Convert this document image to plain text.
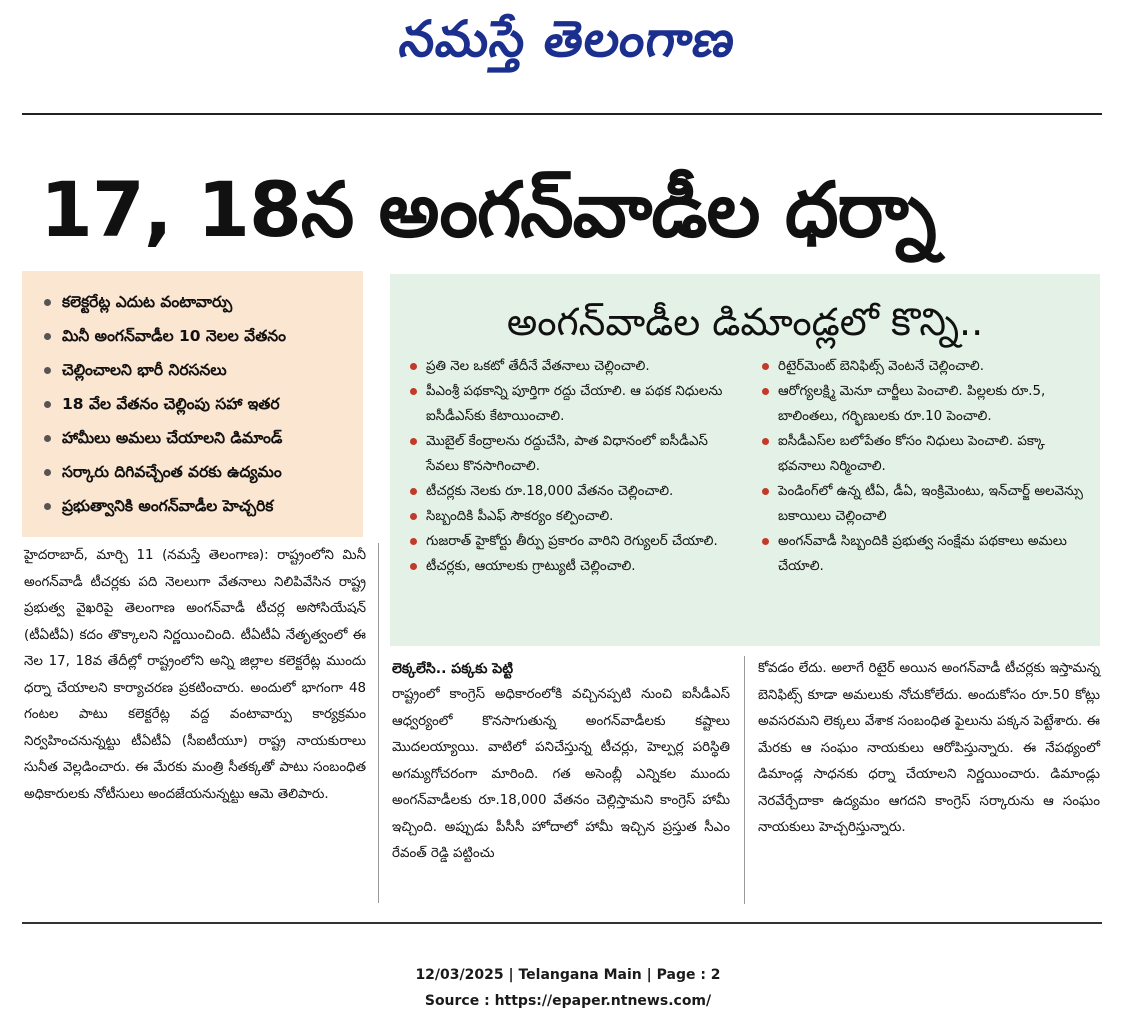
నమస్తే తెలంగాణ
17, 18న అంగన్‌వాడీల ధర్నా
కలెక్టరేట్ల ఎదుట వంటావార్పు
మినీ అంగన్‌వాడీల 10 నెలల వేతనం
చెల్లించాలని భారీ నిరసనలు
18 వేల వేతనం చెల్లింపు సహా ఇతర
హామీలు అమలు చేయాలని డిమాండ్
సర్కారు దిగివచ్చేంత వరకు ఉద్యమం
ప్రభుత్వానికి అంగన్‌వాడీల హెచ్చరిక
అంగన్‌వాడీల డిమాండ్లలో కొన్ని..
ప్రతి నెల ఒకటో తేదీనే వేతనాలు చెల్లించాలి.
పీఎంశ్రీ పథకాన్ని పూర్తిగా రద్దు చేయాలి. ఆ పథక నిధులను ఐసీడీఎస్‌కు కేటాయించాలి.
మొబైల్ కేంద్రాలను రద్దుచేసి, పాత విధానంలో ఐసీడీఎస్ సేవలు కొనసాగించాలి.
టీచర్లకు నెలకు రూ.18,000 వేతనం చెల్లించాలి.
సిబ్బందికి పీఎఫ్ సౌకర్యం కల్పించాలి.
గుజరాత్ హైకోర్టు తీర్పు ప్రకారం వారిని రెగ్యులర్ చేయాలి.
టీచర్లకు, ఆయాలకు గ్రాట్యుటీ చెల్లించాలి.
రిటైర్‌మెంట్ బెనిఫిట్స్ వెంటనే చెల్లించాలి.
ఆరోగ్యలక్ష్మి మెనూ చార్జీలు పెంచాలి. పిల్లలకు రూ.5, బాలింతలు, గర్భిణులకు రూ.10 పెంచాలి.
ఐసీడీఎస్‌ల బలోపేతం కోసం నిధులు పెంచాలి. పక్కా భవనాలు నిర్మించాలి.
పెండింగ్‌లో ఉన్న టీఏ, డీఏ, ఇంక్రిమెంటు, ఇన్‌చార్జ్ అలవెన్సు బకాయిలు చెల్లించాలి
అంగన్‌వాడీ సిబ్బందికి ప్రభుత్వ సంక్షేమ పథకాలు అమలు చేయాలి.
హైదరాబాద్, మార్చి 11 (నమస్తే తెలంగాణ): రాష్ట్రంలోని మినీ అంగన్‌వాడీ టీచర్లకు పది నెలలుగా వేతనాలు నిలిపివేసిన రాష్ట్ర ప్రభుత్వ వైఖరిపై తెలంగాణ అంగన్‌వాడీ టీచర్ల అసోసియేషన్ (టీఏటీఏ) కదం తొక్కాలని నిర్ణయించింది. టీఏటీఏ నేతృత్వంలో ఈ నెల 17, 18వ తేదీల్లో రాష్ట్రంలోని అన్ని జిల్లాల కలెక్టరేట్ల ముందు ధర్నా చేయాలని కార్యాచరణ ప్రకటించారు. అందులో భాగంగా 48 గంటల పాటు కలెక్టరేట్ల వద్ద వంటావార్పు కార్యక్రమం నిర్వహించనున్నట్టు టీఏటీఏ (సీఐటీయూ) రాష్ట్ర నాయకురాలు సునీత వెల్లడించారు. ఈ మేరకు మంత్రి సీతక్కతో పాటు సంబంధిత అధికారులకు నోటీసులు అందజేయనున్నట్టు ఆమె తెలిపారు.
లెక్కలేసి.. పక్కకు పెట్టి
రాష్ట్రంలో కాంగ్రెస్ అధికారంలోకి వచ్చినప్పటి నుంచి ఐసీడీఎస్ ఆధ్వర్యంలో కొనసాగుతున్న అంగన్‌వాడీలకు కష్టాలు మొదలయ్యాయి. వాటిలో పనిచేస్తున్న టీచర్లు, హెల్పర్ల పరిస్థితి అగమ్యగోచరంగా మారింది. గత అసెంబ్లీ ఎన్నికల ముందు అంగన్‌వాడీలకు రూ.18,000 వేతనం చెల్లిస్తామని కాంగ్రెస్ హామీ ఇచ్చింది. అప్పుడు పీసీసీ హోదాలో హామీ ఇచ్చిన ప్రస్తుత సీఎం రేవంత్ రెడ్డి పట్టించు
కోవడం లేదు. అలాగే రిటైర్ అయిన అంగన్‌వాడీ టీచర్లకు ఇస్తామన్న బెనిఫిట్స్ కూడా అమలుకు నోచుకోలేదు. అందుకోసం రూ.50 కోట్లు అవసరమని లెక్కలు వేశాక సంబంధిత ఫైలును పక్కన పెట్టేశారు. ఈ మేరకు ఆ సంఘం నాయకులు ఆరోపిస్తున్నారు. ఈ నేపథ్యంలో డిమాండ్ల సాధనకు ధర్నా చేయాలని నిర్ణయించారు. డిమాండ్లు నెరవేర్చేదాకా ఉద్యమం ఆగదని కాంగ్రెస్ సర్కారును ఆ సంఘం నాయకులు హెచ్చరిస్తున్నారు.
12/03/2025 | Telangana Main | Page : 2
Source : https://epaper.ntnews.com/
